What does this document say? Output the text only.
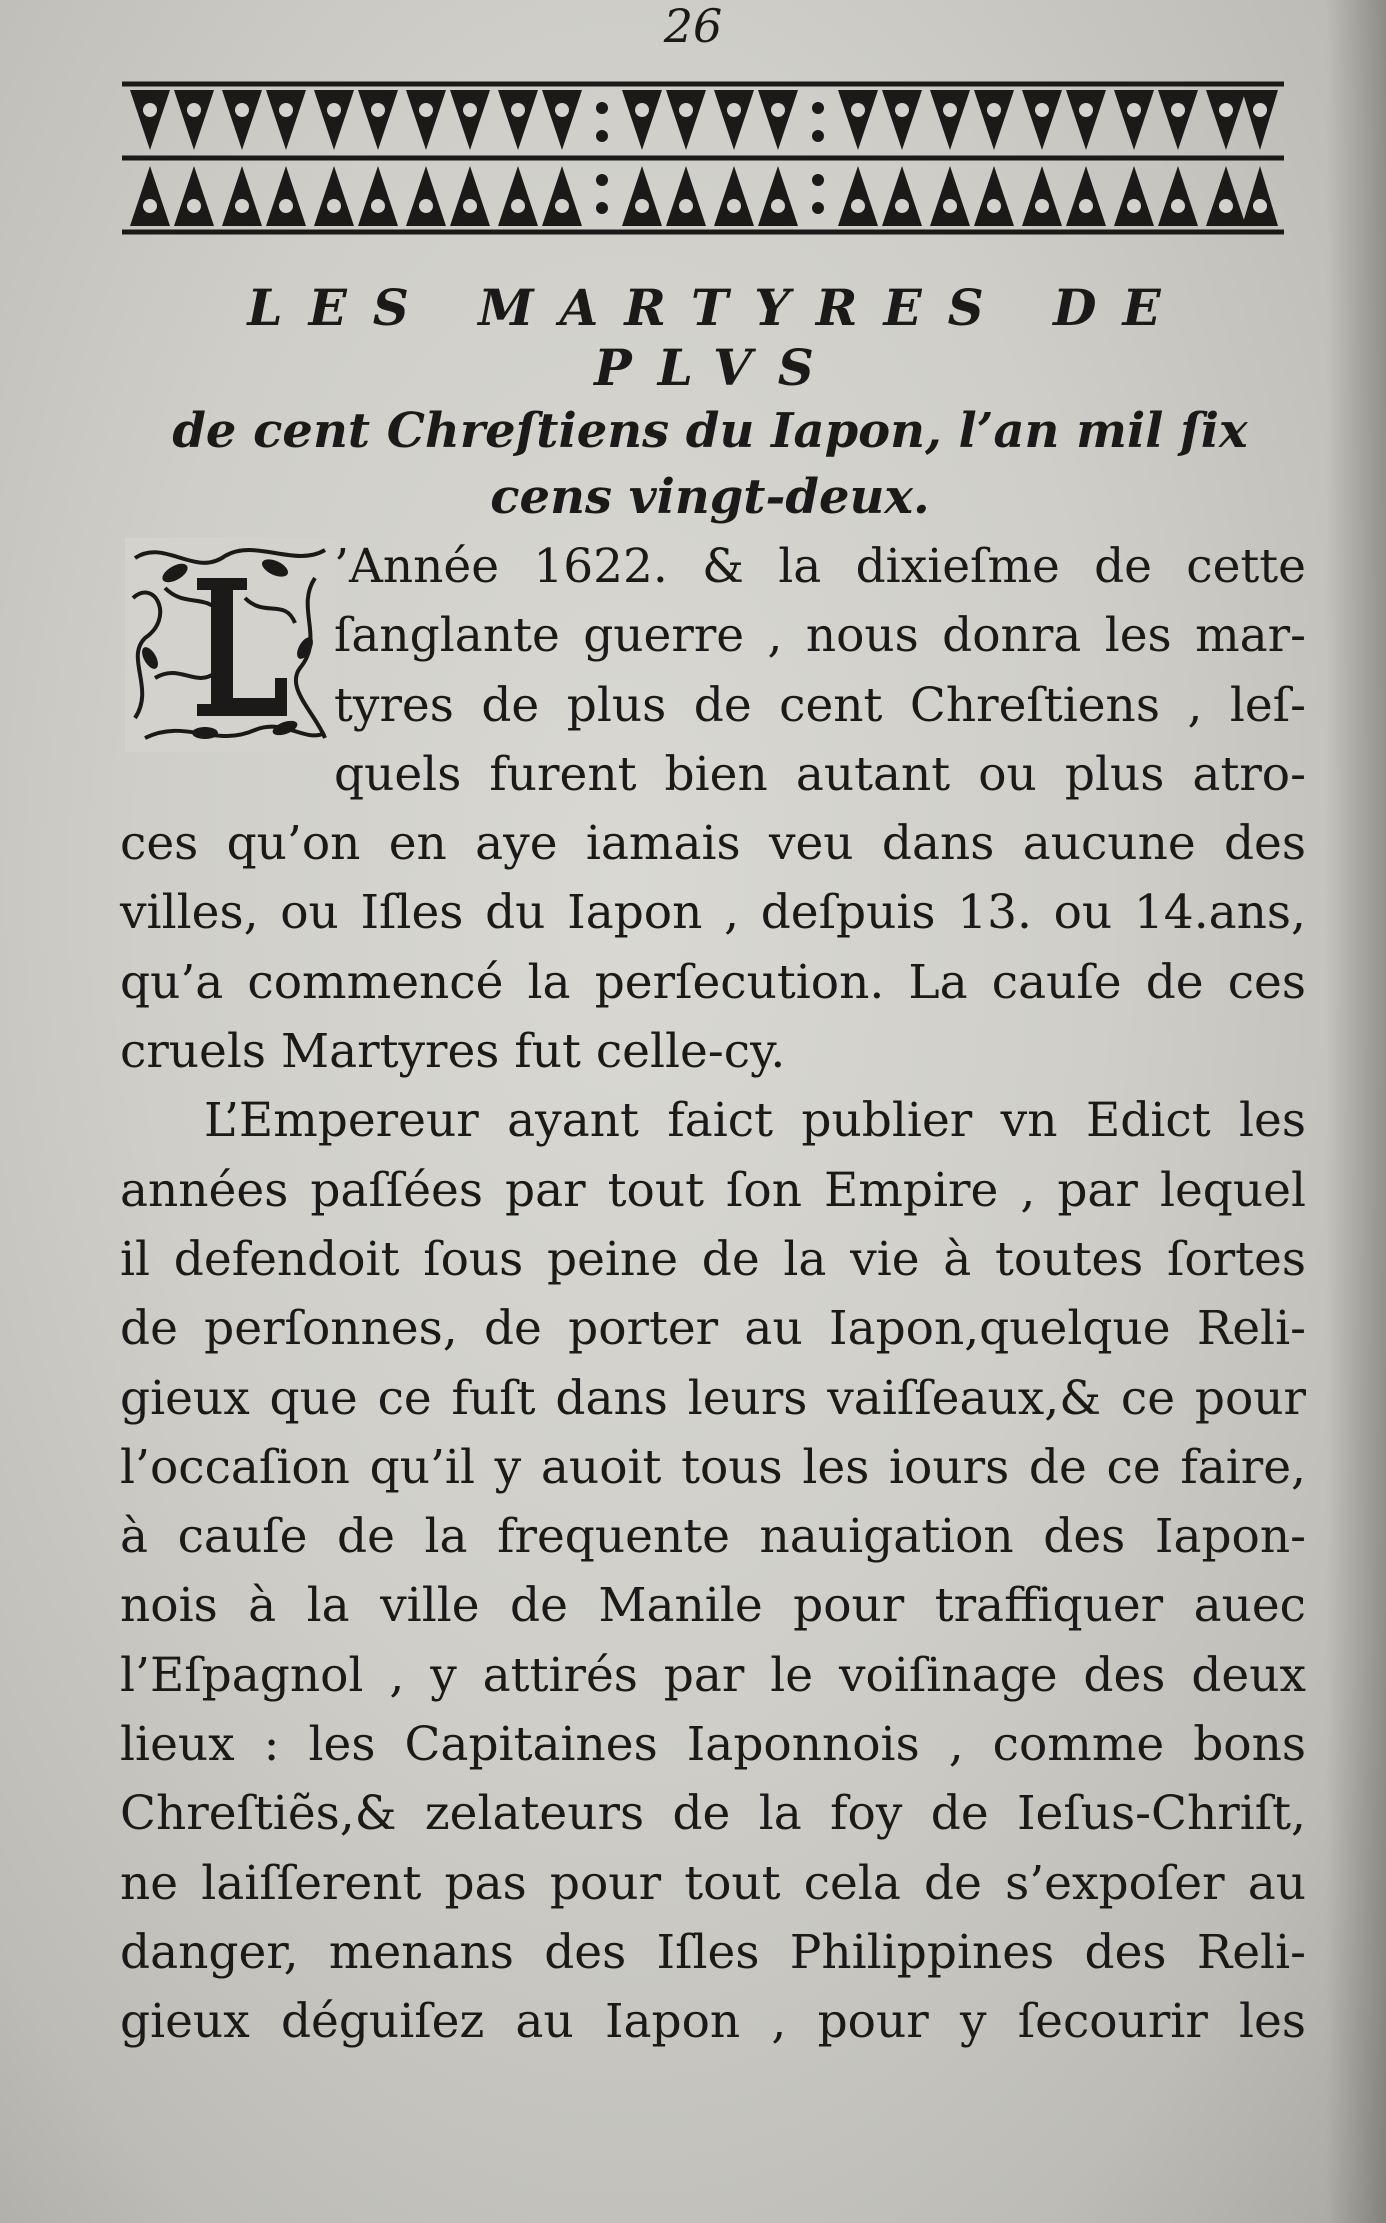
26
LES MARTYRES DE PLVS
de cent Chreſtiens du Iapon, l’an mil ſix
cens vingt-deux.
’Année 1622. & la dixieſme de cette
ſanglante guerre , nous donra les mar-
tyres de plus de cent Chreſtiens , leſ-
quels furent bien autant ou plus atro-
ces qu’on en aye iamais veu dans aucune des
villes, ou Iſles du Iapon , deſpuis 13. ou 14.ans,
qu’a commencé la perſecution. La cauſe de ces
cruels Martyres fut celle-cy.
L’Empereur ayant faict publier vn Edict les
années paſſées par tout ſon Empire , par lequel
il defendoit ſous peine de la vie à toutes ſortes
de perſonnes, de porter au Iapon,quelque Reli-
gieux que ce fuſt dans leurs vaiſſeaux,& ce pour
l’occaſion qu’il y auoit tous les iours de ce faire,
à cauſe de la frequente nauigation des Iapon-
nois à la ville de Manile pour traffiquer auec
l’Eſpagnol , y attirés par le voiſinage des deux
lieux : les Capitaines Iaponnois , comme bons
Chreſtiẽs,& zelateurs de la foy de Ieſus-Chriſt,
ne laiſſerent pas pour tout cela de s’expoſer au
danger, menans des Iſles Philippines des Reli-
gieux déguiſez au Iapon , pour y ſecourir les
